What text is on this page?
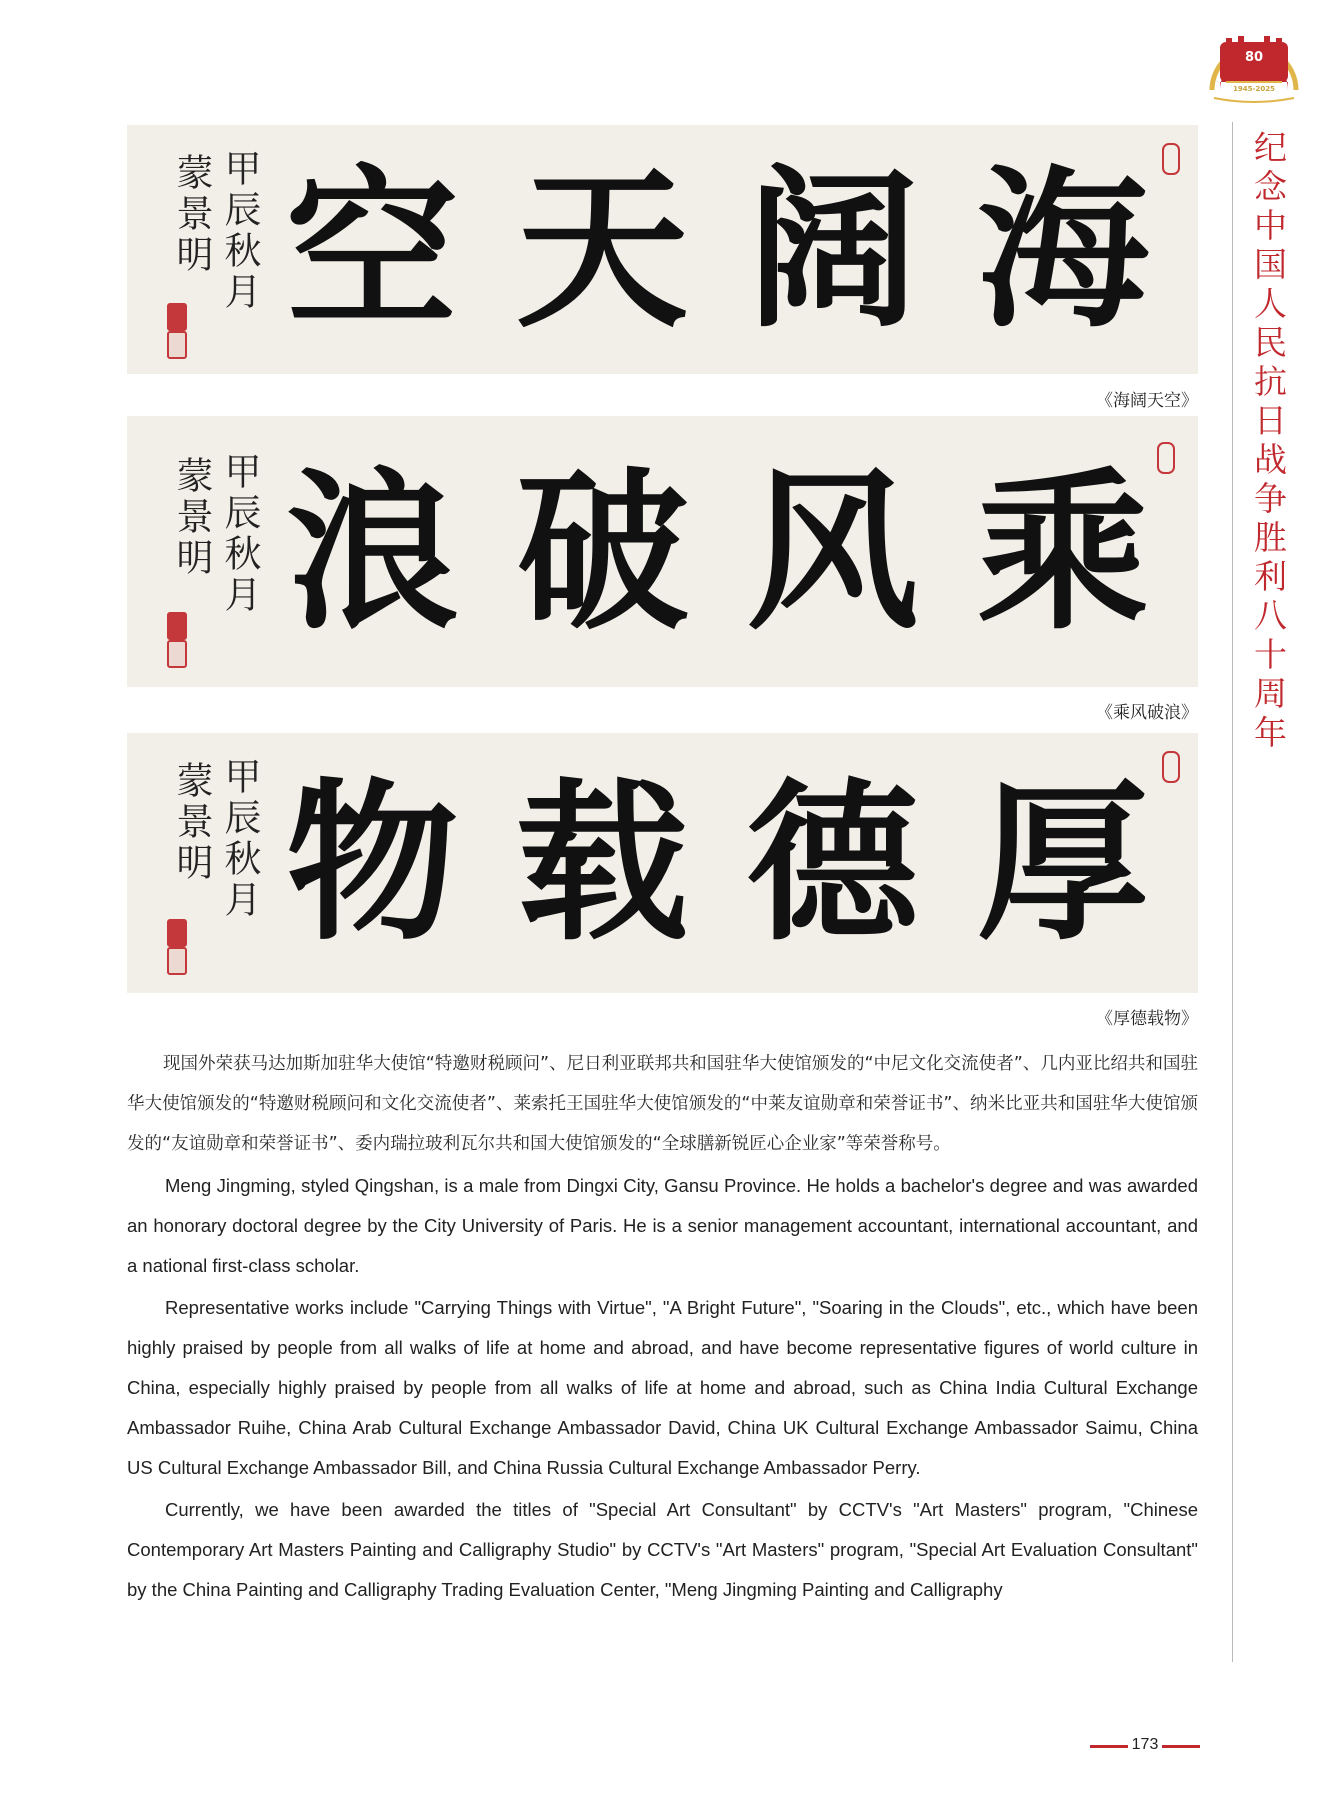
80
1945-2025
纪念中国人民抗日战争胜利八十周年
蒙景明 甲辰秋月	海
阔
天
空
《海阔天空》
蒙景明 甲辰秋月	乘
风
破
浪
《乘风破浪》
蒙景明 甲辰秋月	厚
德
载
物
《厚德载物》

现国外荣获马达加斯加驻华大使馆“特邀财税顾问”、尼日利亚联邦共和国驻华大使馆颁发的“中尼文化交流使者”、几内亚比绍共和国驻华大使馆颁发的“特邀财税顾问和文化交流使者”、莱索托王国驻华大使馆颁发的“中莱友谊勋章和荣誉证书”、纳米比亚共和国驻华大使馆颁发的“友谊勋章和荣誉证书”、委内瑞拉玻利瓦尔共和国大使馆颁发的“全球膳新锐匠心企业家”等荣誉称号。

Meng Jingming, styled Qingshan, is a male from Dingxi City, Gansu Province. He holds a bachelor's degree and was awarded an honorary doctoral degree by the City University of Paris. He is a senior management accountant, international accountant, and a national first-class scholar.

Representative works include "Carrying Things with Virtue", "A Bright Future", "Soaring in the Clouds", etc., which have been highly praised by people from all walks of life at home and abroad, and have become representative figures of world culture in China, especially highly praised by people from all walks of life at home and abroad, such as China India Cultural Exchange Ambassador Ruihe, China Arab Cultural Exchange Ambassador David, China UK Cultural Exchange Ambassador Saimu, China US Cultural Exchange Ambassador Bill, and China Russia Cultural Exchange Ambassador Perry.

Currently, we have been awarded the titles of "Special Art Consultant" by CCTV's "Art Masters" program, "Chinese Contemporary Art Masters Painting and Calligraphy Studio" by CCTV's "Art Masters" program, "Special Art Evaluation Consultant" by the China Painting and Calligraphy Trading Evaluation Center, "Meng Jingming Painting and Calligraphy

173
